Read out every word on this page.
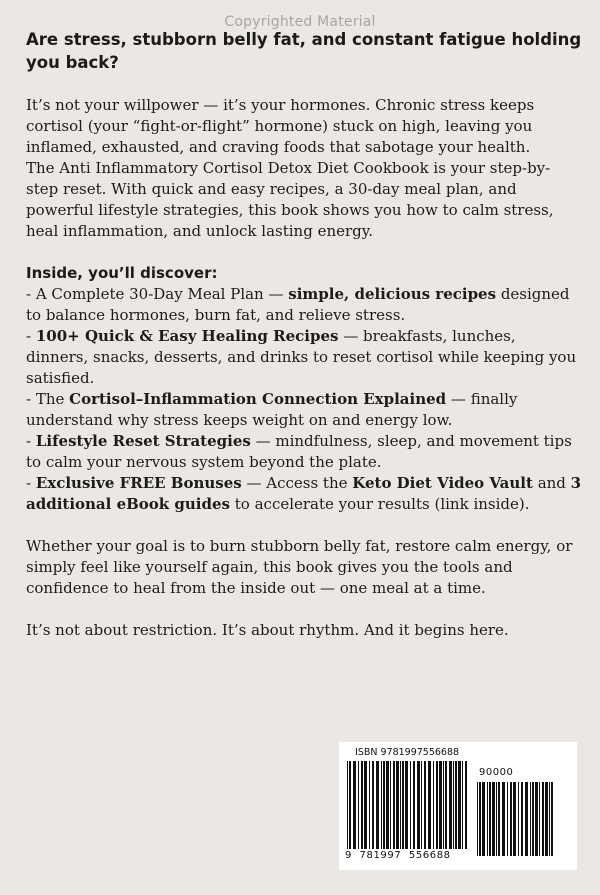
Copyrighted Material
Are stress, stubborn belly fat, and constant fatigue holding you back?

It’s not your willpower — it’s your hormones. Chronic stress keeps cortisol (your “fight-or-flight” hormone) stuck on high, leaving you inflamed, exhausted, and craving foods that sabotage your health.

The Anti Inflammatory Cortisol Detox Diet Cookbook is your step-by-step reset. With quick and easy recipes, a 30-day meal plan, and powerful lifestyle strategies, this book shows you how to calm stress, heal inflammation, and unlock lasting energy.

Inside, you’ll discover:

- A Complete 30-Day Meal Plan — simple, delicious recipes designed to balance hormones, burn fat, and relieve stress.

- 100+ Quick & Easy Healing Recipes — breakfasts, lunches, dinners, snacks, desserts, and drinks to reset cortisol while keeping you satisfied.

- The Cortisol–Inflammation Connection Explained — finally understand why stress keeps weight on and energy low.

- Lifestyle Reset Strategies — mindfulness, sleep, and movement tips to calm your nervous system beyond the plate.

- Exclusive FREE Bonuses — Access the Keto Diet Video Vault and 3 additional eBook guides to accelerate your results (link inside).

Whether your goal is to burn stubborn belly fat, restore calm energy, or simply feel like yourself again, this book gives you the tools and confidence to heal from the inside out — one meal at a time.

It’s not about restriction. It’s about rhythm. And it begins here.

ISBN 9781997556688
90000
9  781997  556688
